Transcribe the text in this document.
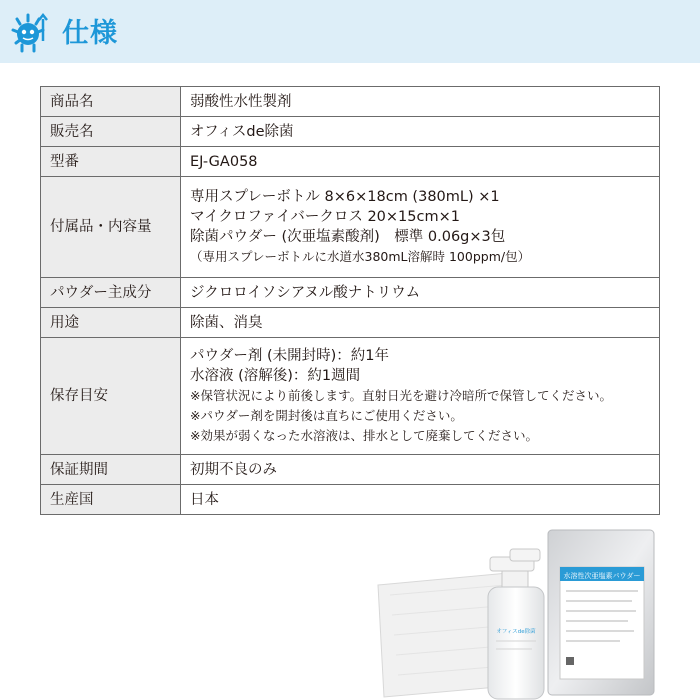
仕様
商品名	弱酸性水性製剤
販売名	オフィスde除菌
型番	EJ-GA058
付属品・内容量	専用スプレーボトル 8×6×18cm (380mL) ×1
マイクロファイバークロス 20×15cm×1
除菌パウダー (次亜塩素酸剤)　標準 0.06g×3包
（専用スプレーボトルに水道水380mL溶解時 100ppm/包）

パウダー主成分	ジクロロイソシアヌル酸ナトリウム
用途	除菌、消臭
保存目安	パウダー剤 (未開封時)：約1年
水溶液 (溶解後)：約1週間
※保管状況により前後します。直射日光を避け冷暗所で保管してください。
※パウダー剤を開封後は直ちにご使用ください。
※効果が弱くなった水溶液は、排水として廃棄してください。

保証期間	初期不良のみ
生産国	日本
水溶性次亜塩素パウダー
オフィスde除菌
